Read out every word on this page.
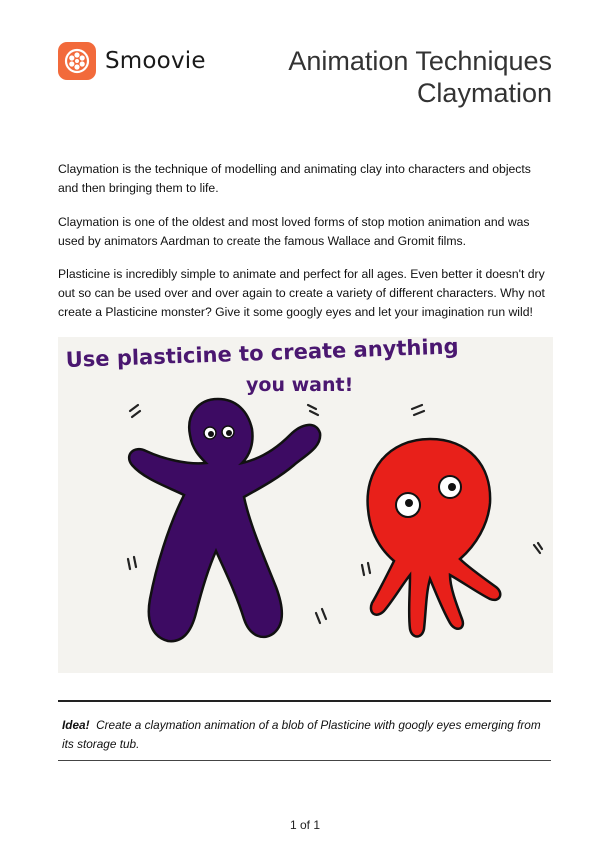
Smoovie	Animation Techniques
Claymation

Claymation is the technique of modelling and animating clay into characters and objects and then bringing them to life.

Claymation is one of the oldest and most loved forms of stop motion animation and was used by animators Aardman to create the famous Wallace and Gromit films.

Plasticine is incredibly simple to animate and perfect for all ages. Even better it doesn't dry out so can be used over and over again to create a variety of different characters. Why not create a Plasticine monster? Give it some googly eyes and let your imagination run wild!

Use plasticine to create anything
you want!
Idea! Create a claymation animation of a blob of Plasticine with googly eyes emerging from its storage tub.
1 of 1
